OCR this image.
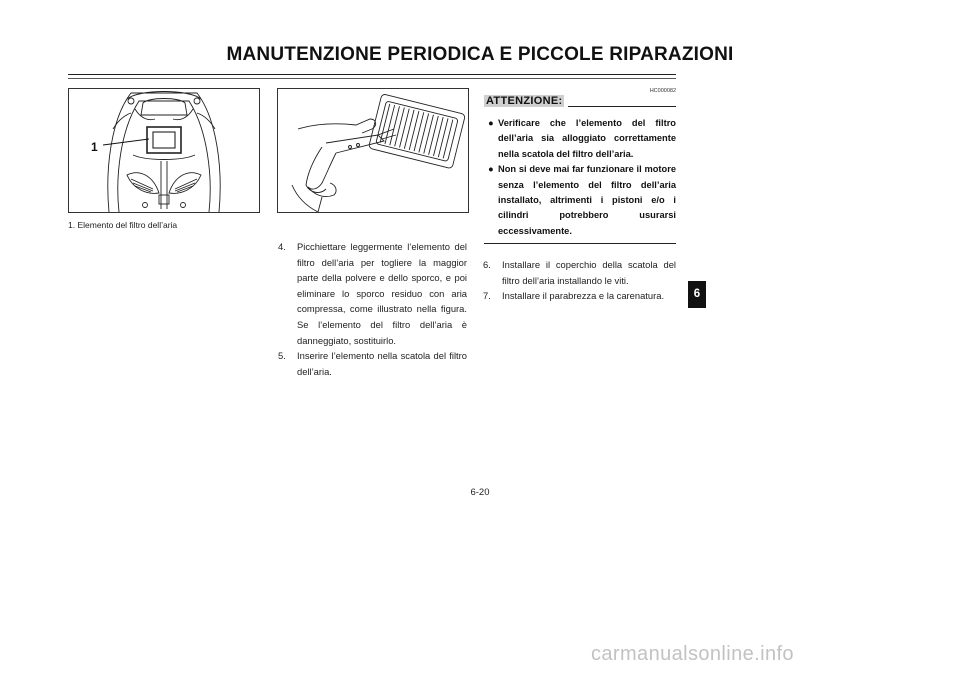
MANUTENZIONE PERIODICA E PICCOLE RIPARAZIONI
1
1. Elemento del filtro dell’aria
4. Picchiettare leggermente l’elemento del filtro dell’aria per togliere la maggior parte della polvere e dello sporco, e poi eliminare lo sporco residuo con aria compressa, come illustrato nella figura. Se l’elemento del filtro dell’aria è danneggiato, sostituirlo.
5. Inserire l’elemento nella scatola del filtro dell’aria.
HC000082
ATTENZIONE:
● Verificare che l’elemento del filtro dell’aria sia alloggiato correttamente nella scatola del filtro dell’aria.
● Non si deve mai far funzionare il motore senza l’elemento del filtro dell’aria installato, altrimenti i pistoni e/o i cilindri potrebbero usurarsi eccessivamente.
6. Installare il coperchio della scatola del filtro dell’aria installando le viti.
7. Installare il parabrezza e la carenatura.
6-20
6
carmanualsonline.info
